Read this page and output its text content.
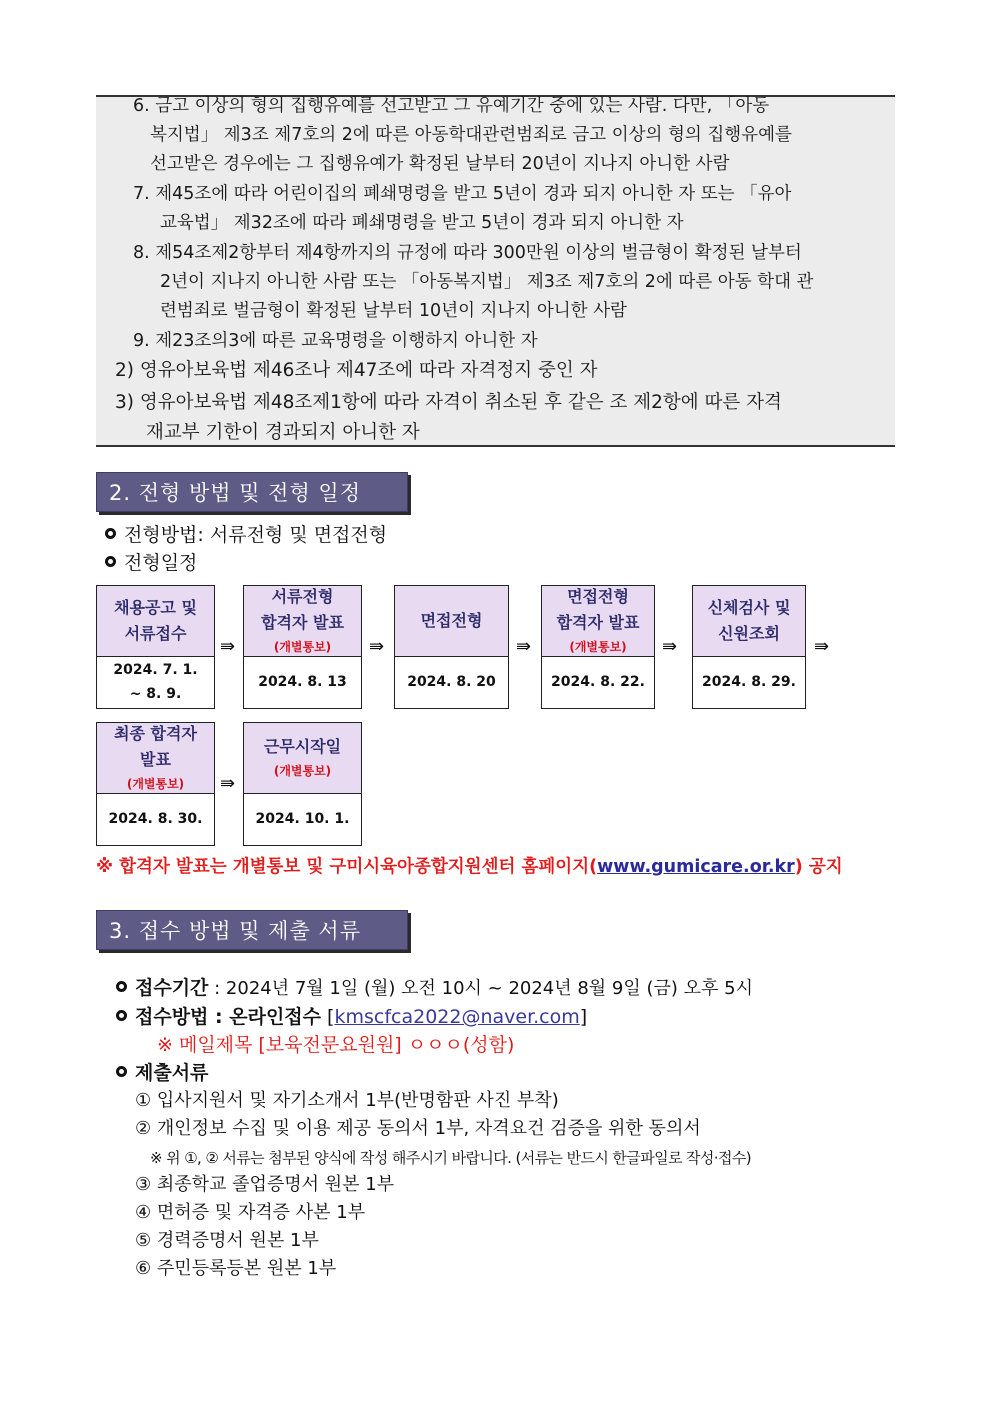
6. 금고 이상의 형의 집행유예를 선고받고 그 유예기간 중에 있는 사람. 다만, 「아동
복지법」 제3조 제7호의 2에 따른 아동학대관련범죄로 금고 이상의 형의 집행유예를
선고받은 경우에는 그 집행유예가 확정된 날부터 20년이 지나지 아니한 사람
7. 제45조에 따라 어린이집의 폐쇄명령을 받고 5년이 경과 되지 아니한 자 또는 「유아
교육법」 제32조에 따라 폐쇄명령을 받고 5년이 경과 되지 아니한 자
8. 제54조제2항부터 제4항까지의 규정에 따라 300만원 이상의 벌금형이 확정된 날부터
2년이 지나지 아니한 사람 또는 「아동복지법」 제3조 제7호의 2에 따른 아동 학대 관
련범죄로 벌금형이 확정된 날부터 10년이 지나지 아니한 사람
9. 제23조의3에 따른 교육명령을 이행하지 아니한 자
2) 영유아보육법 제46조나 제47조에 따라 자격정지 중인 자
3) 영유아보육법 제48조제1항에 따라 자격이 취소된 후 같은 조 제2항에 따른 자격
재교부 기한이 경과되지 아니한 자
2. 전형 방법 및 전형 일정
전형방법: 서류전형 및 면접전형
전형일정
채용공고 및
서류접수
2024. 7. 1.
~ 8. 9.
⇛
서류전형
합격자 발표
(개별통보)
2024. 8. 13
⇛
면접전형
2024. 8. 20
⇛
면접전형
합격자 발표
(개별통보)
2024. 8. 22.
⇛
신체검사 및
신원조회
2024. 8. 29.
⇛
최종 합격자
발표
(개별통보)
2024. 8. 30.
⇛
근무시작일
(개별통보)
2024. 10. 1.
※ 합격자 발표는 개별통보 및 구미시육아종합지원센터 홈페이지(www.gumicare.or.kr) 공지
3. 접수 방법 및 제출 서류
접수기간 : 2024년 7월 1일 (월) 오전 10시 ~ 2024년 8월 9일 (금) 오후 5시
접수방법 : 온라인접수 [kmscfca2022@naver.com]
※ 메일제목 [보육전문요원원] ㅇㅇㅇ(성함)
제출서류
① 입사지원서 및 자기소개서 1부(반명함판 사진 부착)
② 개인정보 수집 및 이용 제공 동의서 1부, 자격요건 검증을 위한 동의서
※ 위 ①, ② 서류는 첨부된 양식에 작성 해주시기 바랍니다. (서류는 반드시 한글파일로 작성·접수)
③ 최종학교 졸업증명서 원본 1부
④ 면허증 및 자격증 사본 1부
⑤ 경력증명서 원본 1부
⑥ 주민등록등본 원본 1부
